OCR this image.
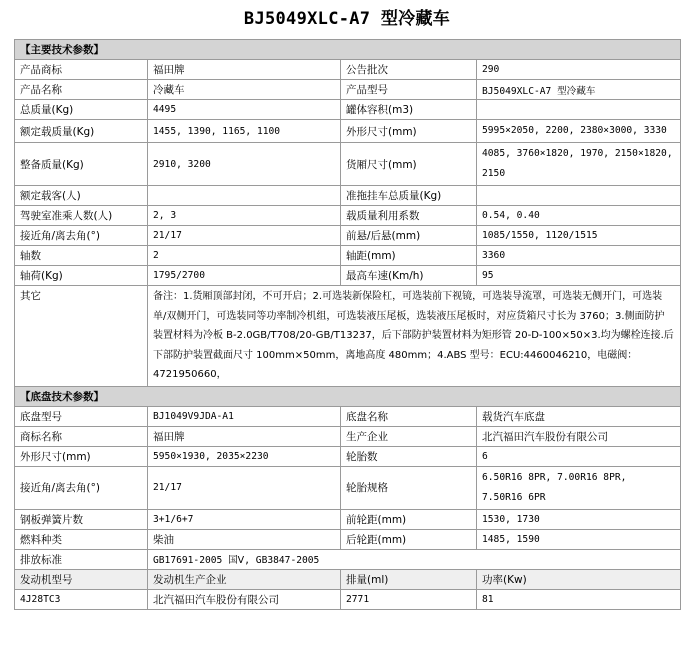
BJ5049XLC-A7 型冷藏车
【主要技术参数】			
产品商标	福田牌	公告批次	290
产品名称	冷藏车	产品型号	BJ5049XLC-A7 型冷藏车
总质量(Kg)	4495	罐体容积(m3)	
额定载质量(Kg)	1455, 1390, 1165, 1100	外形尺寸(mm)	5995×2050, 2200, 2380×3000, 3330
整备质量(Kg)	2910, 3200	货厢尺寸(mm)	4085, 3760×1820, 1970, 2150×1820, 2150
额定载客(人)		准拖挂车总质量(Kg)	
驾驶室准乘人数(人)	2, 3	载质量利用系数	0.54, 0.40
接近角/离去角(°)	21/17	前悬/后悬(mm)	1085/1550, 1120/1515
轴数	2	轴距(mm)	3360
轴荷(Kg)	1795/2700	最高车速(Km/h)	95
其它	备注：1.货厢顶部封闭，不可开启；2.可选装新保险杠，可选装前下视镜，可选装导流罩，可选装无侧开门，可选装单/双侧开门，可选装同等功率制冷机组，可选装液压尾板，选装液压尾板时，对应货箱尺寸长为 3760；3.侧面防护装置材料为冷板 B-2.0GB/T708/20-GB/T13237，后下部防护装置材料为矩形管 20-D-100×50×3.均为螺栓连接.后下部防护装置截面尺寸 100mm×50mm，离地高度 480mm；4.ABS 型号：ECU:4460046210，电磁阀：4721950660，		
【底盘技术参数】			
底盘型号	BJ1049V9JDA-A1	底盘名称	载货汽车底盘
商标名称	福田牌	生产企业	北汽福田汽车股份有限公司
外形尺寸(mm)	5950×1930, 2035×2230	轮胎数	6
接近角/离去角(°)	21/17	轮胎规格	6.50R16 8PR, 7.00R16 8PR, 7.50R16 6PR
钢板弹簧片数	3+1/6+7	前轮距(mm)	1530, 1730
燃料种类	柴油	后轮距(mm)	1485, 1590
排放标准	GB17691-2005 国Ⅴ, GB3847-2005		
发动机型号	发动机生产企业	排量(ml)	功率(Kw)
4J28TC3	北汽福田汽车股份有限公司	2771	81
